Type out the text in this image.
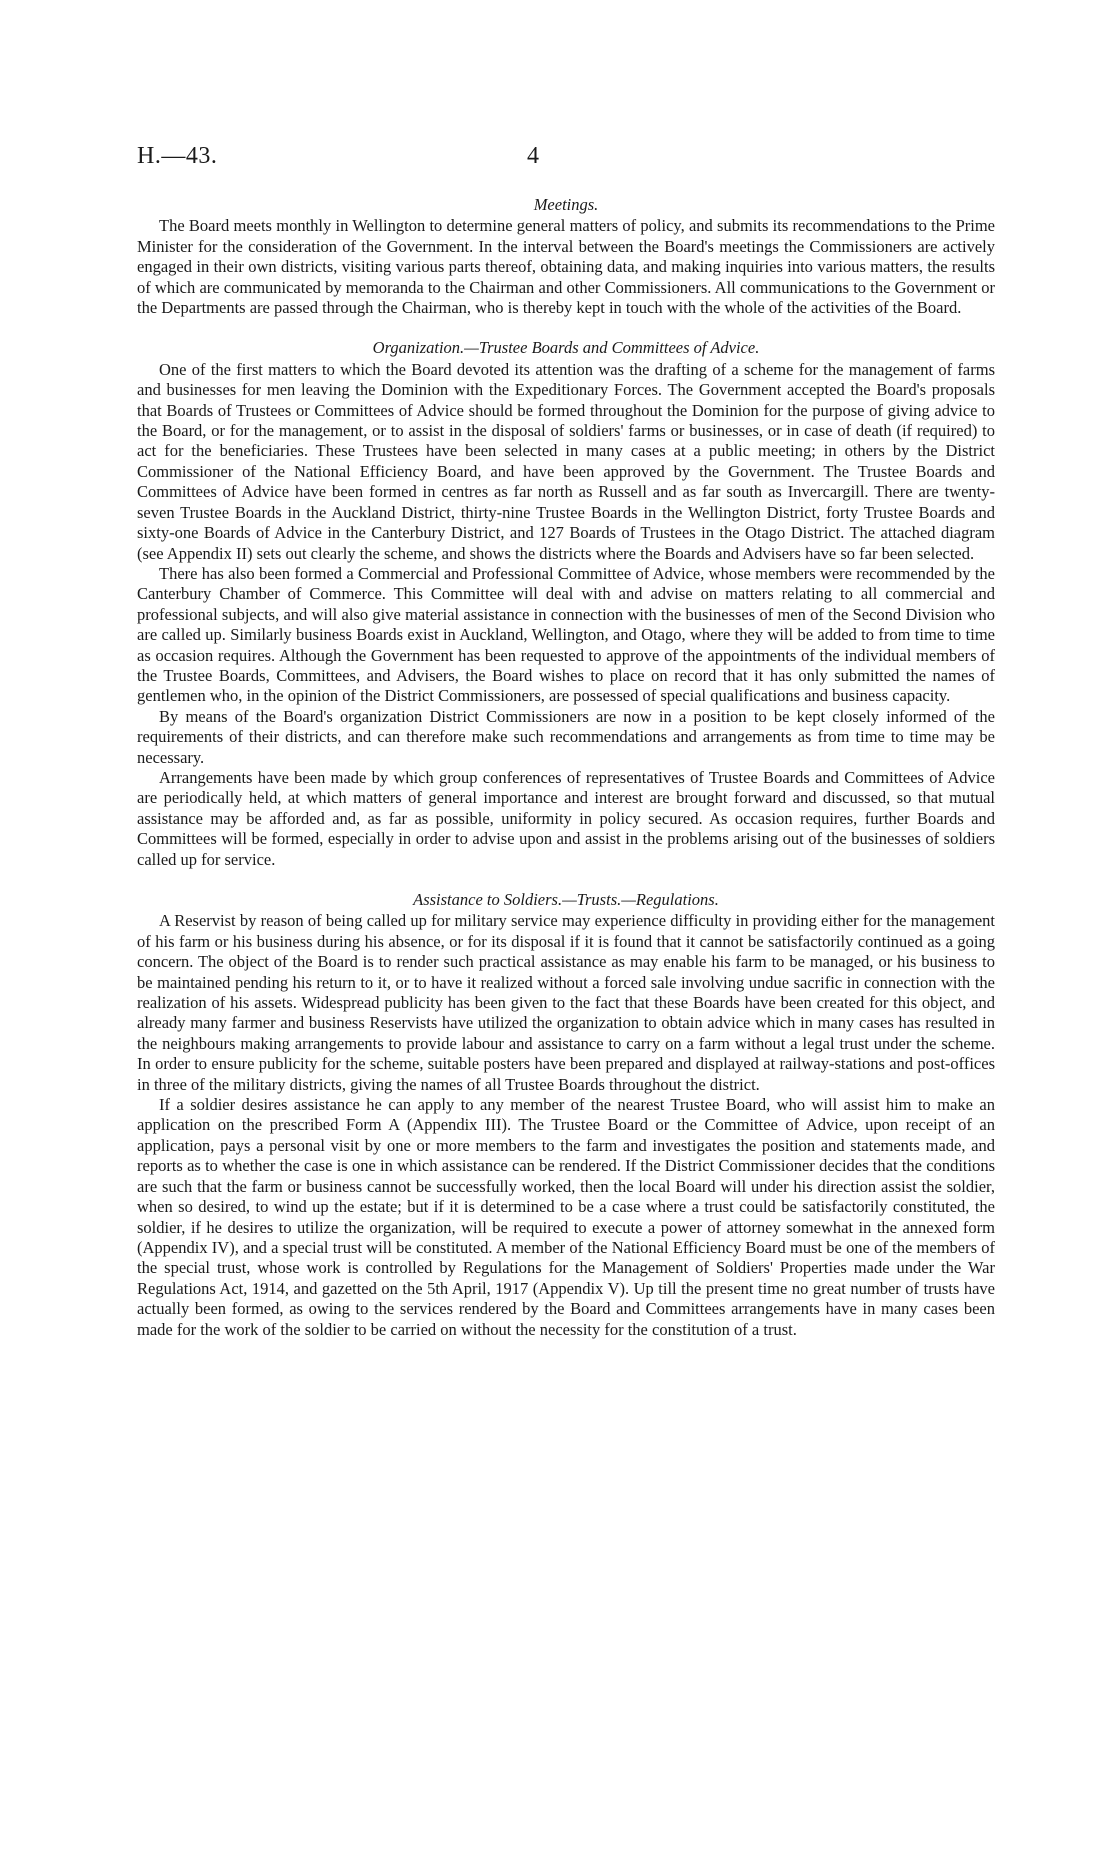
H.—43.	4
Meetings.

The Board meets monthly in Wellington to determine general matters of policy, and submits its recommendations to the Prime Minister for the consideration of the Government. In the interval between the Board's meetings the Commissioners are actively engaged in their own districts, visiting various parts thereof, obtaining data, and making inquiries into various matters, the results of which are communicated by memoranda to the Chairman and other Commissioners. All communications to the Government or the Departments are passed through the Chairman, who is thereby kept in touch with the whole of the activities of the Board.

Organization.—Trustee Boards and Committees of Advice.

One of the first matters to which the Board devoted its attention was the drafting of a scheme for the management of farms and businesses for men leaving the Dominion with the Expeditionary Forces. The Government accepted the Board's proposals that Boards of Trustees or Committees of Advice should be formed throughout the Dominion for the purpose of giving advice to the Board, or for the management, or to assist in the disposal of soldiers' farms or businesses, or in case of death (if required) to act for the beneficiaries. These Trustees have been selected in many cases at a public meeting; in others by the District Commissioner of the National Efficiency Board, and have been approved by the Government. The Trustee Boards and Committees of Advice have been formed in centres as far north as Russell and as far south as Invercargill. There are twenty-seven Trustee Boards in the Auckland District, thirty-nine Trustee Boards in the Wellington District, forty Trustee Boards and sixty-one Boards of Advice in the Canterbury District, and 127 Boards of Trustees in the Otago District. The attached diagram (see Appendix II) sets out clearly the scheme, and shows the districts where the Boards and Advisers have so far been selected.

There has also been formed a Commercial and Professional Committee of Advice, whose members were recommended by the Canterbury Chamber of Commerce. This Committee will deal with and advise on matters relating to all commercial and professional subjects, and will also give material assistance in connection with the businesses of men of the Second Division who are called up. Similarly business Boards exist in Auckland, Wellington, and Otago, where they will be added to from time to time as occasion requires. Although the Government has been requested to approve of the appointments of the individual members of the Trustee Boards, Committees, and Advisers, the Board wishes to place on record that it has only submitted the names of gentlemen who, in the opinion of the District Commissioners, are possessed of special qualifications and business capacity.

By means of the Board's organization District Commissioners are now in a position to be kept closely informed of the requirements of their districts, and can therefore make such recommendations and arrangements as from time to time may be necessary.

Arrangements have been made by which group conferences of representatives of Trustee Boards and Committees of Advice are periodically held, at which matters of general importance and interest are brought forward and discussed, so that mutual assistance may be afforded and, as far as possible, uniformity in policy secured. As occasion requires, further Boards and Committees will be formed, especially in order to advise upon and assist in the problems arising out of the businesses of soldiers called up for service.

Assistance to Soldiers.—Trusts.—Regulations.

A Reservist by reason of being called up for military service may experience difficulty in providing either for the management of his farm or his business during his absence, or for its disposal if it is found that it cannot be satisfactorily continued as a going concern. The object of the Board is to render such practical assistance as may enable his farm to be managed, or his business to be maintained pending his return to it, or to have it realized without a forced sale involving undue sacrific in connection with the realization of his assets. Widespread publicity has been given to the fact that these Boards have been created for this object, and already many farmer and business Reservists have utilized the organization to obtain advice which in many cases has resulted in the neighbours making arrangements to provide labour and assistance to carry on a farm without a legal trust under the scheme. In order to ensure publicity for the scheme, suitable posters have been prepared and displayed at railway-stations and post-offices in three of the military districts, giving the names of all Trustee Boards throughout the district.

If a soldier desires assistance he can apply to any member of the nearest Trustee Board, who will assist him to make an application on the prescribed Form A (Appendix III). The Trustee Board or the Committee of Advice, upon receipt of an application, pays a personal visit by one or more members to the farm and investigates the position and statements made, and reports as to whether the case is one in which assistance can be rendered. If the District Commissioner decides that the conditions are such that the farm or business cannot be successfully worked, then the local Board will under his direction assist the soldier, when so desired, to wind up the estate; but if it is determined to be a case where a trust could be satisfactorily constituted, the soldier, if he desires to utilize the organization, will be required to execute a power of attorney somewhat in the annexed form (Appendix IV), and a special trust will be constituted. A member of the National Efficiency Board must be one of the members of the special trust, whose work is controlled by Regulations for the Management of Soldiers' Properties made under the War Regulations Act, 1914, and gazetted on the 5th April, 1917 (Appendix V). Up till the present time no great number of trusts have actually been formed, as owing to the services rendered by the Board and Committees arrangements have in many cases been made for the work of the soldier to be carried on without the necessity for the constitution of a trust.
